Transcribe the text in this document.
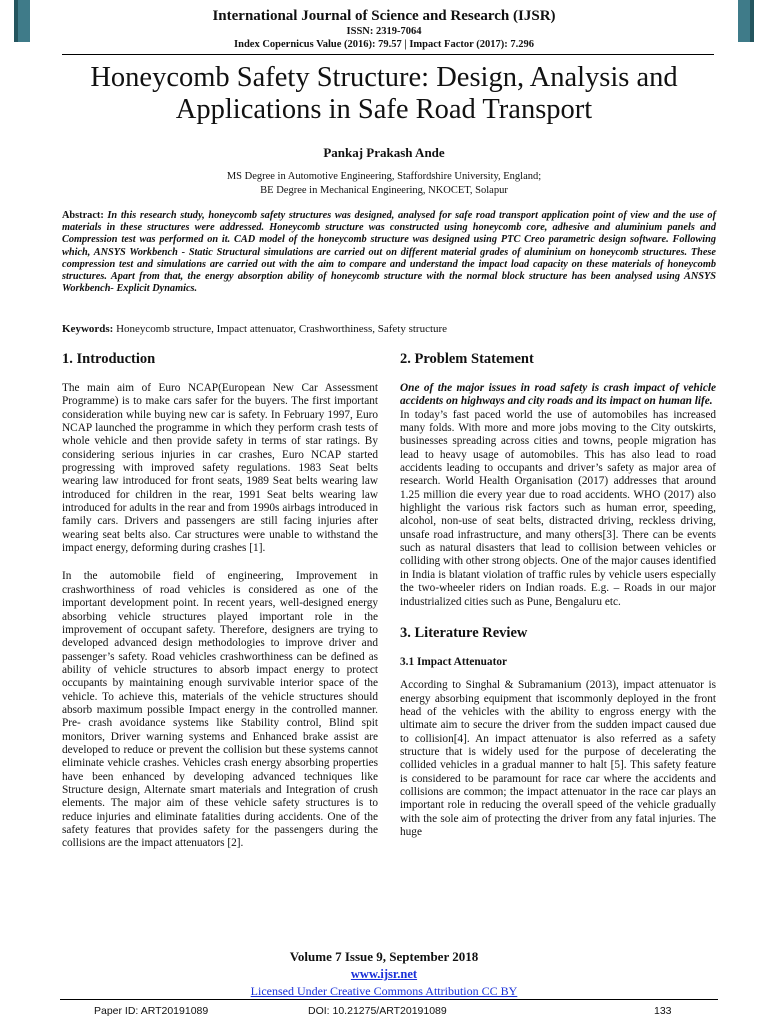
International Journal of Science and Research (IJSR)
ISSN: 2319-7064
Index Copernicus Value (2016): 79.57 | Impact Factor (2017): 7.296
Honeycomb Safety Structure: Design, Analysis and
Applications in Safe Road Transport
Pankaj Prakash Ande
MS Degree in Automotive Engineering, Staffordshire University, England;
BE Degree in Mechanical Engineering, NKOCET, Solapur
Abstract: In this research study, honeycomb safety structures was designed, analysed for safe road transport application point of view and the use of materials in these structures were addressed. Honeycomb structure was constructed using honeycomb core, adhesive and aluminium panels and Compression test was performed on it. CAD model of the honeycomb structure was designed using PTC Creo parametric design software. Following which, ANSYS Workbench - Static Structural simulations are carried out on different material grades of aluminium on honeycomb structures. These compression test and simulations are carried out with the aim to compare and understand the impact load capacity on these materials of honeycomb structures. Apart from that, the energy absorption ability of honeycomb structure with the normal block structure has been analysed using ANSYS Workbench- Explicit Dynamics.
Keywords: Honeycomb structure, Impact attenuator, Crashworthiness, Safety structure
1. Introduction

The main aim of Euro NCAP(European New Car Assessment Programme) is to make cars safer for the buyers. The first important consideration while buying new car is safety. In February 1997, Euro NCAP launched the programme in which they perform crash tests of whole vehicle and then provide safety in terms of star ratings. By considering serious injuries in car crashes, Euro NCAP started progressing with improved safety regulations. 1983 Seat belts wearing law introduced for front seats, 1989 Seat belts wearing law introduced for children in the rear, 1991 Seat belts wearing law introduced for adults in the rear and from 1990s airbags introduced in family cars. Drivers and passengers are still facing injuries after wearing seat belts also. Car structures were unable to withstand the impact energy, deforming during crashes [1].

In the automobile field of engineering, Improvement in crashworthiness of road vehicles is considered as one of the important development point. In recent years, well-designed energy absorbing vehicle structures played important role in the improvement of occupant safety. Therefore, designers are trying to developed advanced design methodologies to improve driver and passenger’s safety. Road vehicles crashworthiness can be defined as ability of vehicle structures to absorb impact energy to protect occupants by maintaining enough survivable interior space of the vehicle. To achieve this, materials of the vehicle structures should absorb maximum possible Impact energy in the controlled manner. Pre- crash avoidance systems like Stability control, Blind spit monitors, Driver warning systems and Enhanced brake assist are developed to reduce or prevent the collision but these systems cannot eliminate vehicle crashes. Vehicles crash energy absorbing properties have been enhanced by developing advanced techniques like Structure design, Alternate smart materials and Integration of crush elements. The major aim of these vehicle safety structures is to reduce injuries and eliminate fatalities during accidents. One of the safety features that provides safety for the passengers during the collisions are the impact attenuators [2].

2. Problem Statement

One of the major issues in road safety is crash impact of vehicle accidents on highways and city roads and its impact on human life.

In today’s fast paced world the use of automobiles has increased many folds. With more and more jobs moving to the City outskirts, businesses spreading across cities and towns, people migration has lead to heavy usage of automobiles. This has also lead to road accidents leading to occupants and driver’s safety as major area of research. World Health Organisation (2017) addresses that around 1.25 million die every year due to road accidents. WHO (2017) also highlight the various risk factors such as human error, speeding, alcohol, non-use of seat belts, distracted driving, reckless driving, unsafe road infrastructure, and many others[3]. There can be events such as natural disasters that lead to collision between vehicles or colliding with other strong objects. One of the major causes identified in India is blatant violation of traffic rules by vehicle users especially the two-wheeler riders on Indian roads. E.g. – Roads in our major industrialized cities such as Pune, Bengaluru etc.

3. Literature Review
3.1 Impact Attenuator

According to Singhal & Subramanium (2013), impact attenuator is energy absorbing equipment that iscommonly deployed in the front head of the vehicles with the ability to engross energy with the ultimate aim to secure the driver from the sudden impact caused due to collision[4]. An impact attenuator is also referred as a safety structure that is widely used for the purpose of decelerating the collided vehicles in a gradual manner to halt [5]. This safety feature is considered to be paramount for race car where the accidents and collisions are common; the impact attenuator in the race car plays an important role in reducing the overall speed of the vehicle gradually with the sole aim of protecting the driver from any fatal injuries. The huge

Volume 7 Issue 9, September 2018
www.ijsr.net
Licensed Under Creative Commons Attribution CC BY
Paper ID: ART20191089	DOI: 10.21275/ART20191089	133
